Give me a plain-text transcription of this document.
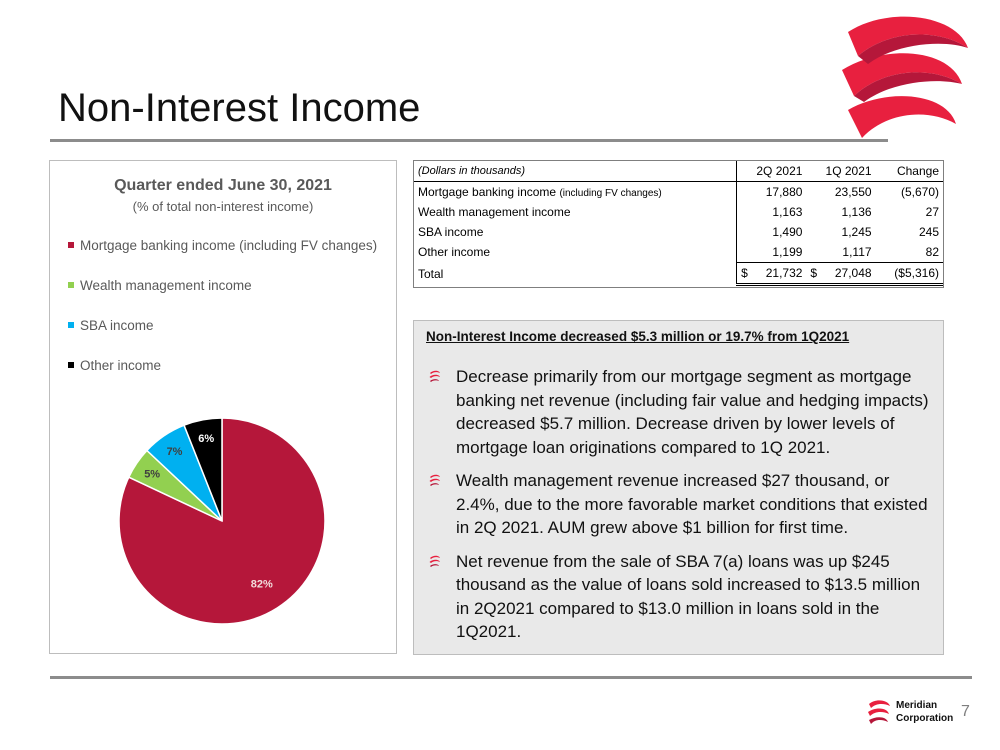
Non-Interest Income
Quarter ended June 30, 2021
(% of total non-interest income)
Mortgage banking income (including FV changes)
Wealth management income
SBA income
Other income
82%
5%
7%
6%
(Dollars in thousands)	2Q 2021	1Q 2021	Change
Mortgage banking income (including FV changes)	17,880	23,550	(5,670)
Wealth management income	1,163	1,136	27
SBA income	1,490	1,245	245
Other income	1,199	1,117	82
Total	$ 21,732	$ 27,048	($5,316)
Non-Interest Income decreased $5.3 million or 19.7% from 1Q2021
Decrease primarily from our mortgage segment as mortgage banking net revenue (including fair value and hedging impacts) decreased $5.7 million. Decrease driven by lower levels of mortgage loan originations compared to 1Q 2021.
Wealth management revenue increased $27 thousand, or 2.4%, due to the more favorable market conditions that existed in 2Q 2021. AUM grew above $1 billion for first time.
Net revenue from the sale of SBA 7(a) loans was up $245 thousand as the value of loans sold increased to $13.5 million in 2Q2021 compared to $13.0 million in loans sold in the 1Q2021.
Meridian
Corporation 7
